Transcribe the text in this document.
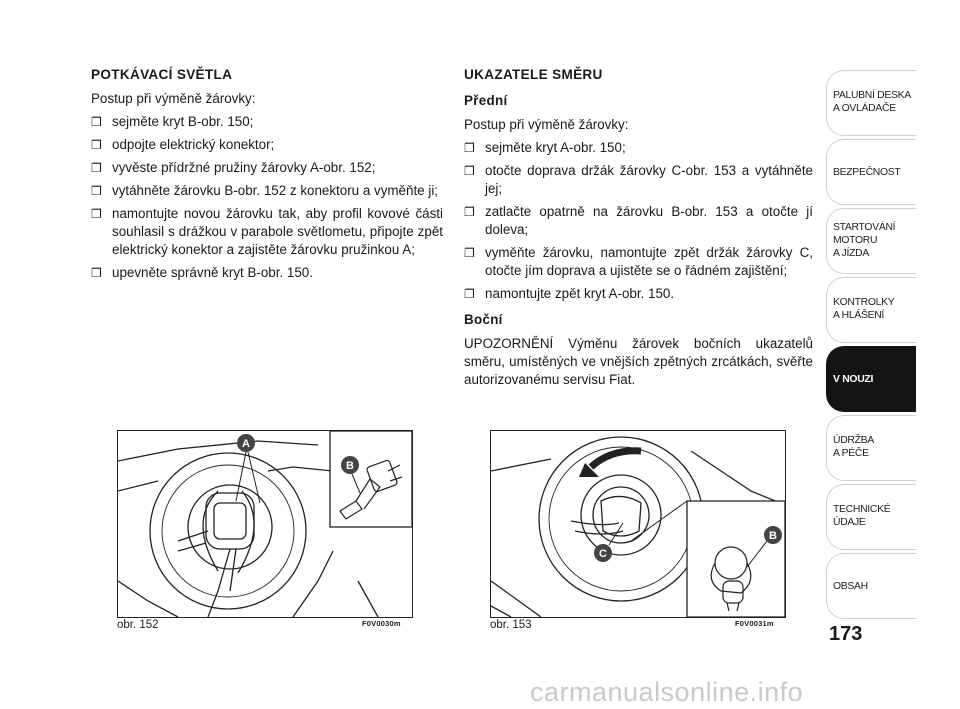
POTKÁVACÍ SVĚTLA

Postup při výměně žárovky:

❒ sejměte kryt B-obr. 150;
❒ odpojte elektrický konektor;
❒ vyvěste přídržné pružiny žárovky A-obr. 152;
❒ vytáhněte žárovku B-obr. 152 z konektoru a vyměňte ji;
❒ namontujte novou žárovku tak, aby profil kovové části souhlasil s drážkou v parabole světlometu, připojte zpět elektrický konektor a zajistěte žárovku pružinkou A;
❒ upevněte správně kryt B-obr. 150.
UKAZATELE SMĚRU
Přední

Postup při výměně žárovky:

❒ sejměte kryt A-obr. 150;
❒ otočte doprava držák žárovky C-obr. 153 a vytáhněte jej;
❒ zatlačte opatrně na žárovku B-obr. 153 a otočte jí doleva;
❒ vyměňte žárovku, namontujte zpět držák žárovky C, otočte jím doprava a ujistěte se o řádném zajištění;
❒ namontujte zpět kryt A-obr. 150.
Boční

UPOZORNĚNÍ Výměnu žárovek bočních ukazatelů směru, umístěných ve vnějších zpětných zrcátkách, svěřte autorizovanému servisu Fiat.

A
B
obr. 152	F0V0030m
B
C
obr. 153	F0V0031m
PALUBNÍ DESKA
A OVLÁDAČE
BEZPEČNOST
STARTOVÁNÍ
MOTORU
A JÍZDA
KONTROLKY
A HLÁŠENÍ
V NOUZI
ÚDRŽBA
A PÉČE
TECHNICKÉ
ÚDAJE
OBSAH
173
carmanualsonline.info
